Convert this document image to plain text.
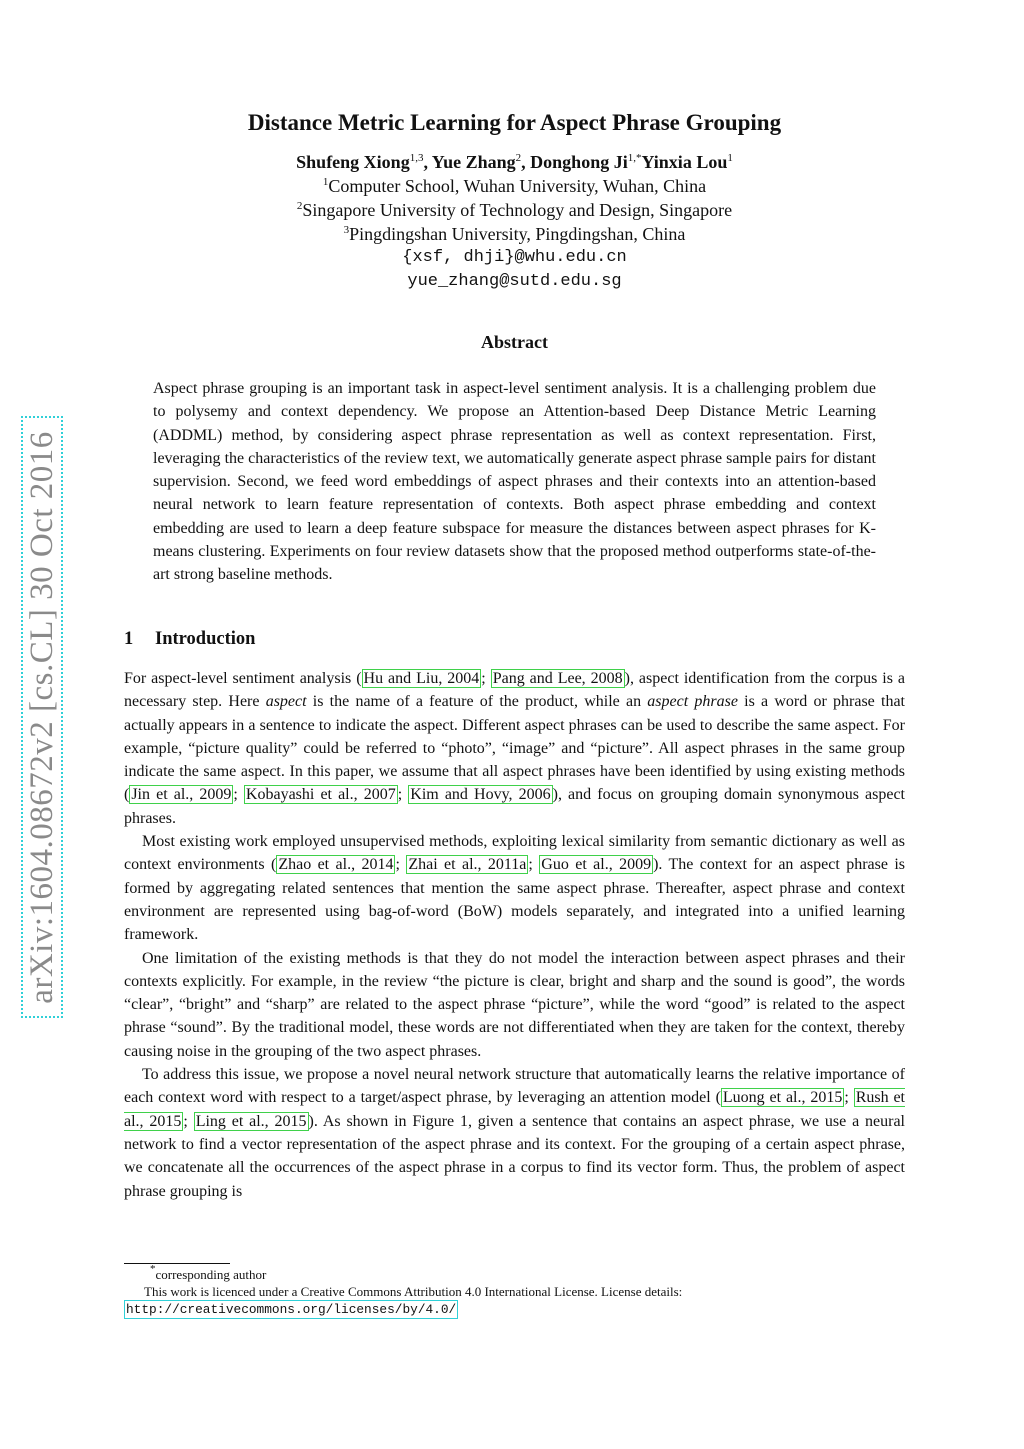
arXiv:1604.08672v2 [cs.CL] 30 Oct 2016
Distance Metric Learning for Aspect Phrase Grouping
Shufeng Xiong$^{1,3}$, Yue Zhang$^2$, Donghong $Ji^{1,*}Yinxia$ Lou$^1$
$^1$Computer School, Wuhan University, Wuhan, China
$^2$Singapore University of Technology and Design, Singapore
$^3$Pingdingshan University, Pingdingshan, China
{xsf, dhji}@whu.edu.cn
yue_zhang@sutd.edu.sg
Abstract
Aspect phrase grouping is an important task in aspect-level sentiment analysis. It is a challenging problem due to polysemy and context dependency. We propose an Attention-based Deep Distance Metric Learning (ADDML) method, by considering aspect phrase representation as well as context representation. First, leveraging the characteristics of the review text, we automatically generate aspect phrase sample pairs for distant supervision. Second, we feed word embeddings of aspect phrases and their contexts into an attention-based neural network to learn feature representation of contexts. Both aspect phrase embedding and context embedding are used to learn a deep feature subspace for measure the distances between aspect phrases for K-means clustering. Experiments on four review datasets show that the proposed method outperforms state-of-the-art strong baseline methods.
1 Introduction

For aspect-level sentiment analysis ( Hu and Liu, 2004 ; Pang and Lee, 2008 ), aspect identification from the corpus is a necessary step. Here aspect is the name of a feature of the product, while an aspect phrase is a word or phrase that actually appears in a sentence to indicate the aspect. Different aspect phrases can be used to describe the same aspect. For example, “picture quality” could be referred to “photo”, “image” and “picture”. All aspect phrases in the same group indicate the same aspect. In this paper, we assume that all aspect phrases have been identified by using existing methods ( Jin et al., 2009 ; Kobayashi et al., 2007 ; Kim and Hovy, 2006 ), and focus on grouping domain synonymous aspect phrases.

Most existing work employed unsupervised methods, exploiting lexical similarity from semantic dictionary as well as context environments ( Zhao et al., 2014 ; Zhai et al., 2011a ; Guo et al., 2009 ). The context for an aspect phrase is formed by aggregating related sentences that mention the same aspect phrase. Thereafter, aspect phrase and context environment are represented using bag-of-word (BoW) models separately, and integrated into a unified learning framework.

One limitation of the existing methods is that they do not model the interaction between aspect phrases and their contexts explicitly. For example, in the review “the picture is clear, bright and sharp and the sound is good”, the words “clear”, “bright” and “sharp” are related to the aspect phrase “picture”, while the word “good” is related to the aspect phrase “sound”. By the traditional model, these words are not differentiated when they are taken for the context, thereby causing noise in the grouping of the two aspect phrases.

To address this issue, we propose a novel neural network structure that automatically learns the relative importance of each context word with respect to a target/aspect phrase, by leveraging an attention model ( Luong et al., 2015 ; Rush et al., 2015 ; Ling et al., 2015 ). As shown in Figure 1, given a sentence that contains an aspect phrase, we use a neural network to find a vector representation of the aspect phrase and its context. For the grouping of a certain aspect phrase, we concatenate all the occurrences of the aspect phrase in a corpus to find its vector form. Thus, the problem of aspect phrase grouping is

*corresponding author
This work is licenced under a Creative Commons Attribution 4.0 International License. License details:
http://creativecommons.org/licenses/by/4.0/
